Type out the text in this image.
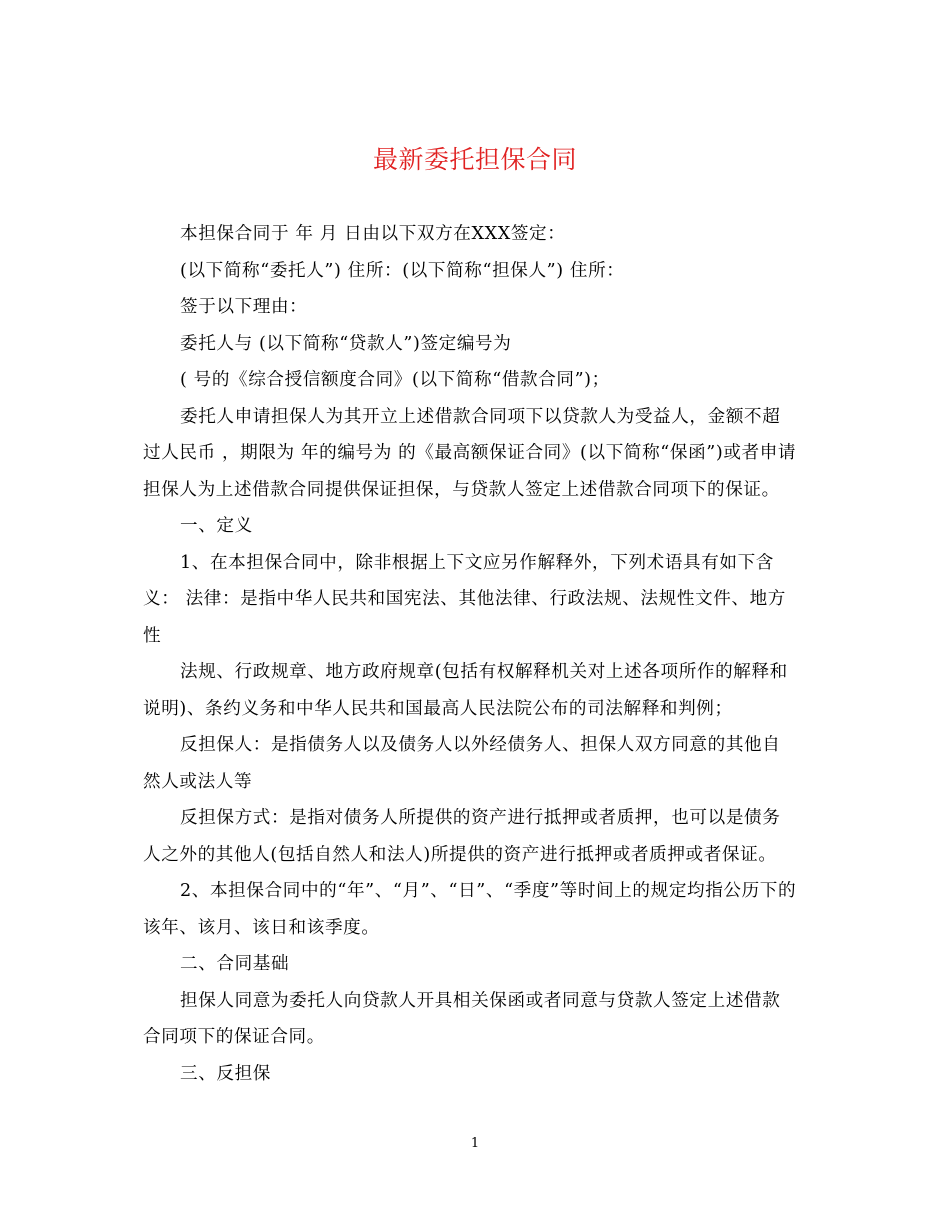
最新委托担保合同
本担保合同于 年 月 日由以下双方在XXX签定：
(以下简称“委托人”) 住所：(以下简称“担保人”) 住所：
签于以下理由：
委托人与 (以下简称“贷款人”)签定编号为
( 号的《综合授信额度合同》(以下简称“借款合同”)；
委托人申请担保人为其开立上述借款合同项下以贷款人为受益人，金额不超
过人民币 ，期限为 年的编号为 的《最高额保证合同》(以下简称“保函”)或者申请
担保人为上述借款合同提供保证担保，与贷款人签定上述借款合同项下的保证。
一、定义
1、在本担保合同中，除非根据上下文应另作解释外，下列术语具有如下含
义： 法律：是指中华人民共和国宪法、其他法律、行政法规、法规性文件、地方
性
法规、行政规章、地方政府规章(包括有权解释机关对上述各项所作的解释和
说明)、条约义务和中华人民共和国最高人民法院公布的司法解释和判例；
反担保人：是指债务人以及债务人以外经债务人、担保人双方同意的其他自
然人或法人等
反担保方式：是指对债务人所提供的资产进行抵押或者质押，也可以是债务
人之外的其他人(包括自然人和法人)所提供的资产进行抵押或者质押或者保证。
2、本担保合同中的“年”、“月”、“日”、“季度”等时间上的规定均指公历下的
该年、该月、该日和该季度。
二、合同基础
担保人同意为委托人向贷款人开具相关保函或者同意与贷款人签定上述借款
合同项下的保证合同。
三、反担保
1
